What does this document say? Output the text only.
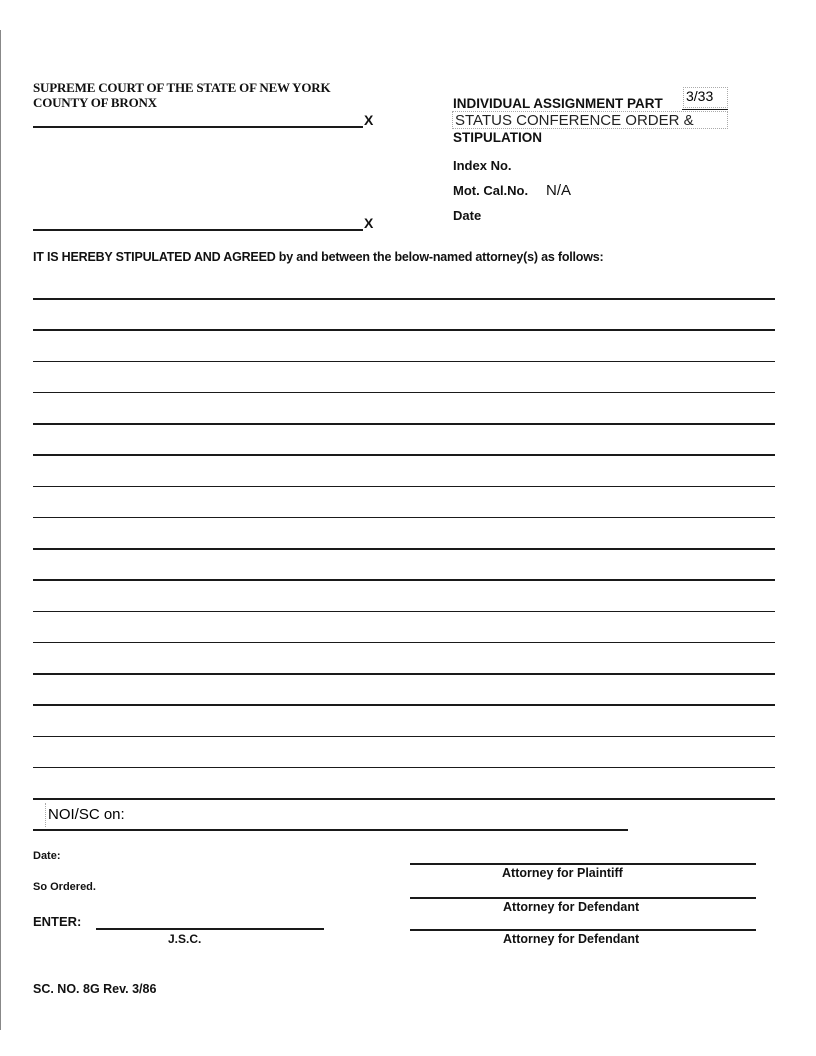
SUPREME COURT OF THE STATE OF NEW YORK
COUNTY OF BRONX
X
X
INDIVIDUAL ASSIGNMENT PART 3/33
STATUS CONFERENCE ORDER &
STIPULATION
Index No.
Mot. Cal.No. N/A
Date
IT IS HEREBY STIPULATED AND AGREED by and between the below-named attorney(s) as follows:
NOI/SC on:
Date:
So Ordered.
ENTER:
J.S.C.
Attorney for Plaintiff
Attorney for Defendant
Attorney for Defendant
SC. NO. 8G Rev. 3/86
